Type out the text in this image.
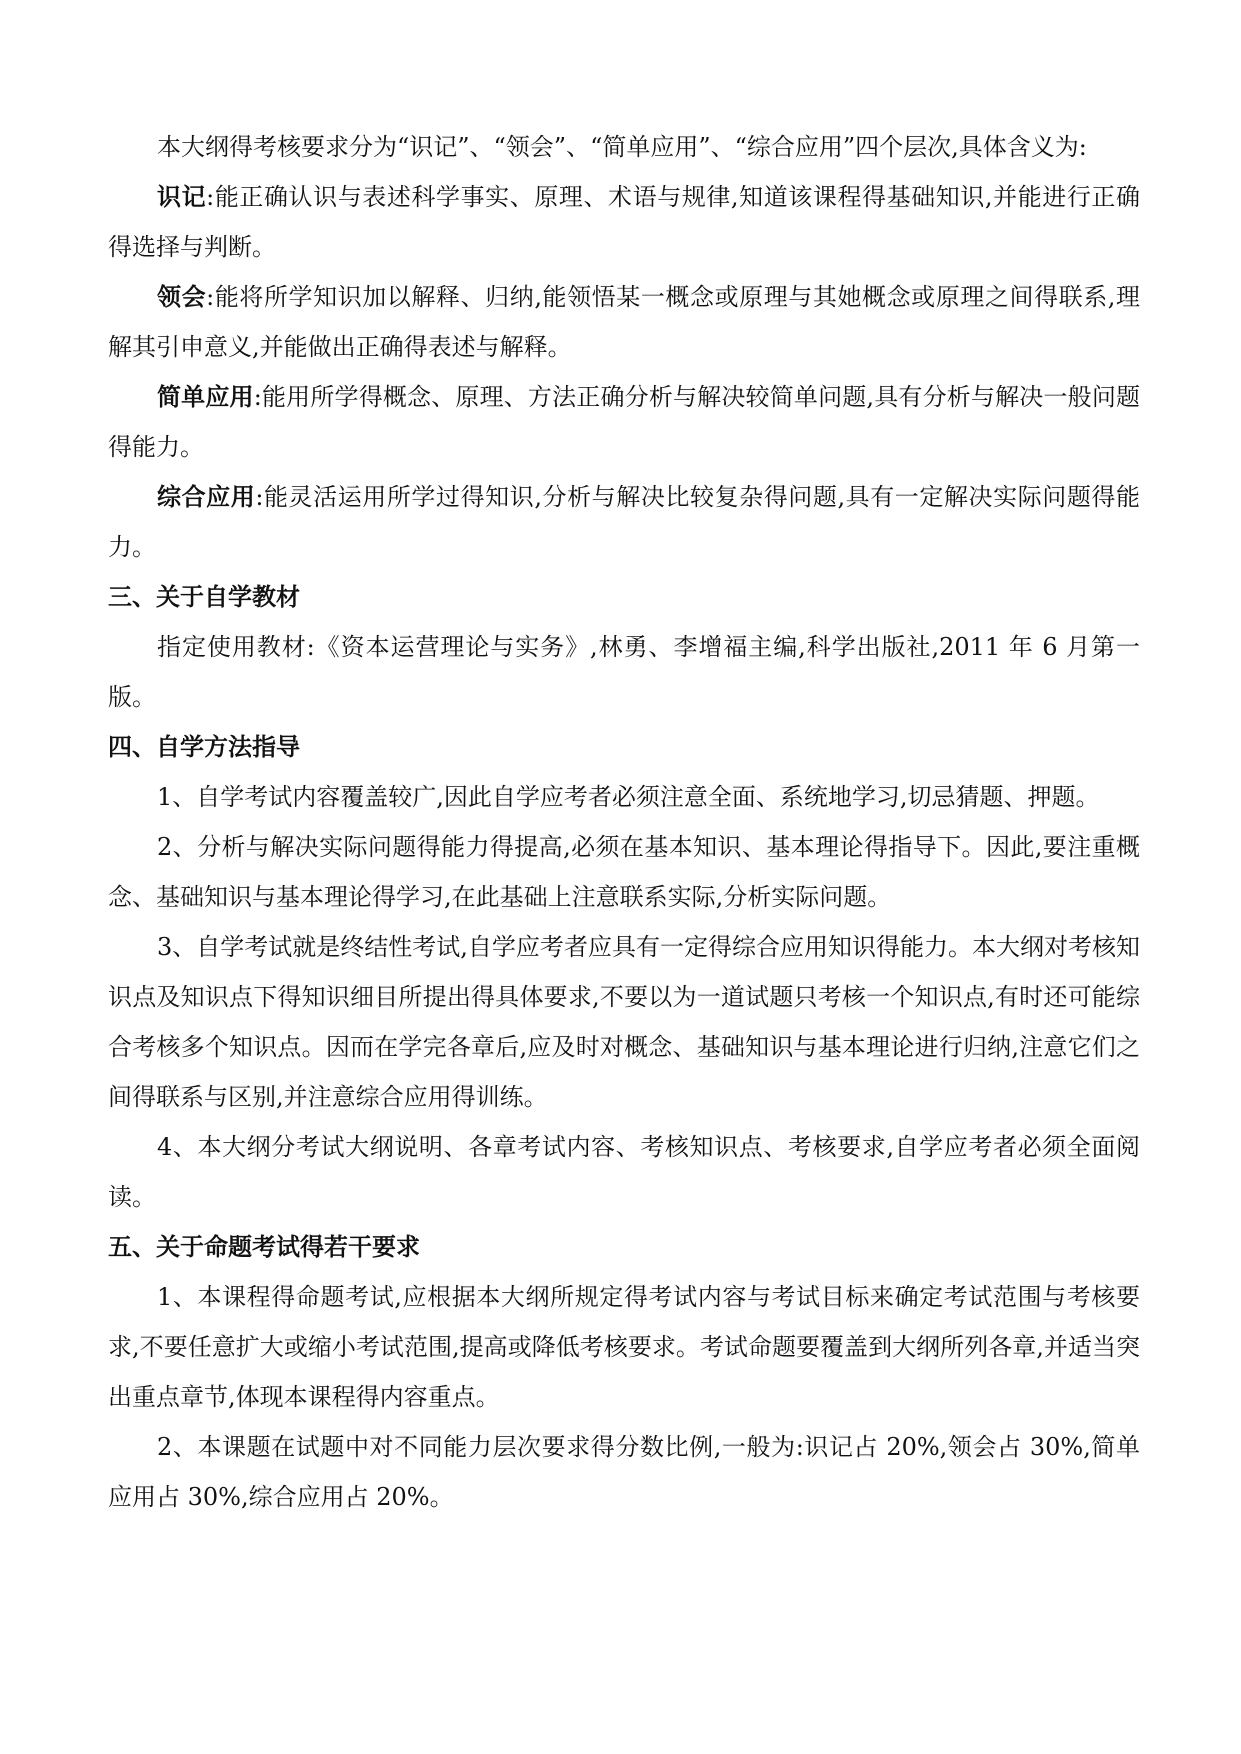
本大纲得考核要求分为“识记”、“领会”、“简单应用”、“综合应用”四个层次,具体含义为:

识记:能正确认识与表述科学事实、原理、术语与规律,知道该课程得基础知识,并能进行正确得选择与判断。

领会:能将所学知识加以解释、归纳,能领悟某一概念或原理与其她概念或原理之间得联系,理解其引申意义,并能做出正确得表述与解释。

简单应用:能用所学得概念、原理、方法正确分析与解决较简单问题,具有分析与解决一般问题得能力。

综合应用:能灵活运用所学过得知识,分析与解决比较复杂得问题,具有一定解决实际问题得能力。

三、关于自学教材

指定使用教材:《资本运营理论与实务》,林勇、李增福主编,科学出版社,2011 年 6 月第一版。

四、自学方法指导

1、自学考试内容覆盖较广,因此自学应考者必须注意全面、系统地学习,切忌猜题、押题。

2、分析与解决实际问题得能力得提高,必须在基本知识、基本理论得指导下。因此,要注重概念、基础知识与基本理论得学习,在此基础上注意联系实际,分析实际问题。

3、自学考试就是终结性考试,自学应考者应具有一定得综合应用知识得能力。本大纲对考核知识点及知识点下得知识细目所提出得具体要求,不要以为一道试题只考核一个知识点,有时还可能综合考核多个知识点。因而在学完各章后,应及时对概念、基础知识与基本理论进行归纳,注意它们之间得联系与区别,并注意综合应用得训练。

4、本大纲分考试大纲说明、各章考试内容、考核知识点、考核要求,自学应考者必须全面阅读。

五、关于命题考试得若干要求

1、本课程得命题考试,应根据本大纲所规定得考试内容与考试目标来确定考试范围与考核要求,不要任意扩大或缩小考试范围,提高或降低考核要求。考试命题要覆盖到大纲所列各章,并适当突出重点章节,体现本课程得内容重点。

2、本课题在试题中对不同能力层次要求得分数比例,一般为:识记占 20%,领会占 30%,简单应用占 30%,综合应用占 20%。
